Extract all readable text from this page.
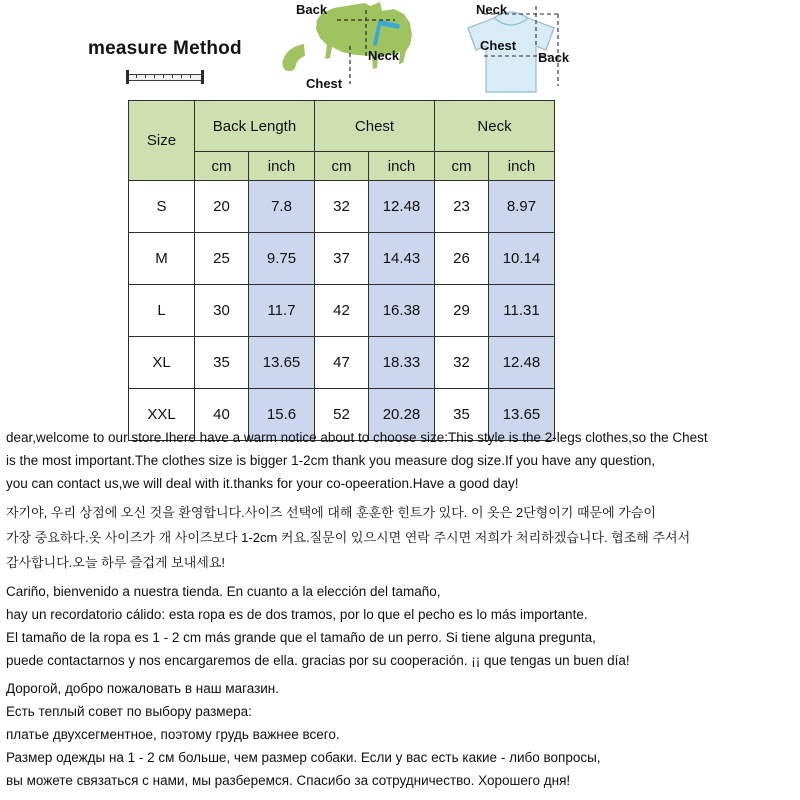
measure Method
Back
Neck
Chest
Neck
Chest
Back
Size	Back Length		Chest		Neck	
	cm	inch	cm	inch	cm	inch
S	20	7.8	32	12.48	23	8.97
M	25	9.75	37	14.43	26	10.14
L	30	11.7	42	16.38	29	11.31
XL	35	13.65	47	18.33	32	12.48
XXL	40	15.6	52	20.28	35	13.65

dear,welcome to our store.Ihere have a warm notice about to choose size:This style is the 2-legs clothes,so the Chest

is the most important.The clothes size is bigger 1-2cm thank you measure dog size.If you have any question,

you can contact us,we will deal with it.thanks for your co-opeeration.Have a good day!

자기야, 우리 상점에 오신 것을 환영합니다.사이즈 선택에 대해 훈훈한 힌트가 있다. 이 옷은 2단형이기 때문에 가슴이

가장 중요하다.옷 사이즈가 개 사이즈보다 1-2cm 커요.질문이 있으시면 연락 주시면 저희가 처리하겠습니다. 협조해 주셔서

감사합니다.오늘 하루 즐겁게 보내세요!

Cariño, bienvenido a nuestra tienda. En cuanto a la elección del tamaño,

hay un recordatorio cálido: esta ropa es de dos tramos, por lo que el pecho es lo más importante.

El tamaño de la ropa es 1 - 2 cm más grande que el tamaño de un perro. Si tiene alguna pregunta,

puede contactarnos y nos encargaremos de ella. gracias por su cooperación. ¡¡ que tengas un buen día!

Дорогой, добро пожаловать в наш магазин.

Есть теплый совет по выбору размера:

платье двухсегментное, поэтому грудь важнее всего.

Размер одежды на 1 - 2 см больше, чем размер собаки. Если у вас есть какие - либо вопросы,

вы можете связаться с нами, мы разберемся. Спасибо за сотрудничество. Хорошего дня!
